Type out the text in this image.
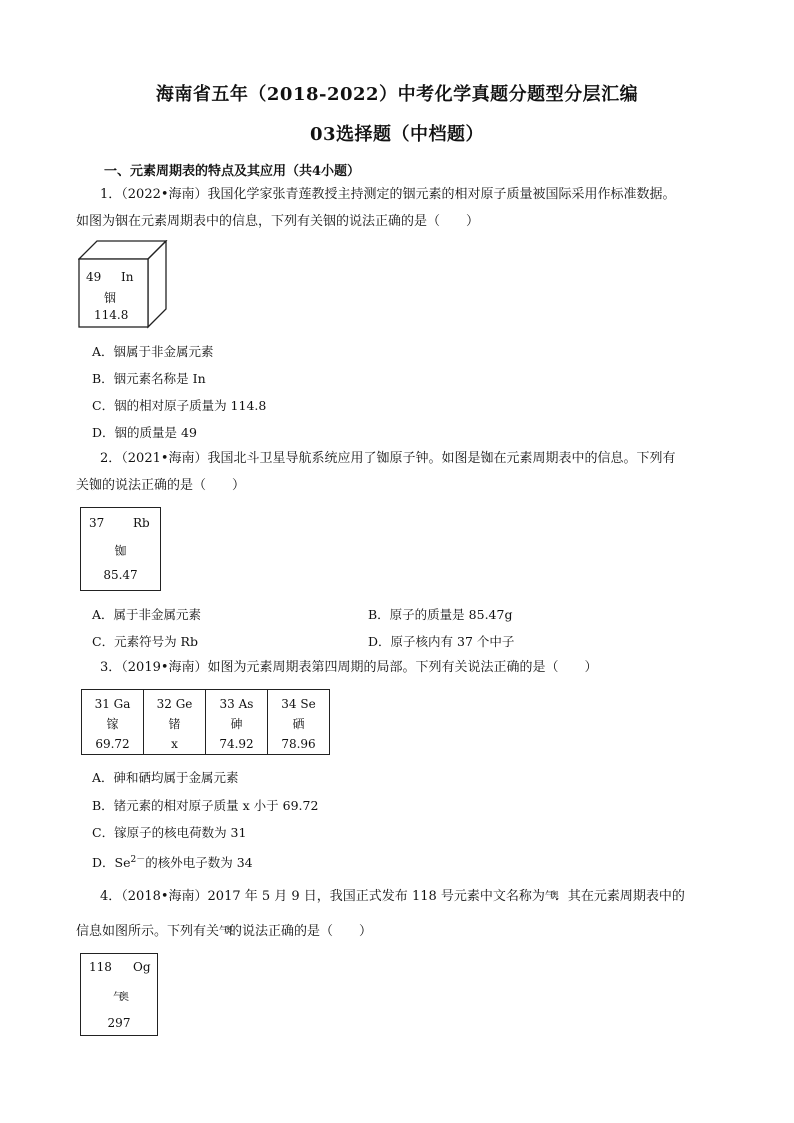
海南省五年（2018-2022）中考化学真题分题型分层汇编
03选择题（中档题）
一、元素周期表的特点及其应用（共4小题）
1．（2022•海南）我国化学家张青莲教授主持测定的铟元素的相对原子质量被国际采用作标准数据。
如图为铟在元素周期表中的信息，下列有关铟的说法正确的是（　　）
49 In
铟
114.8
A．铟属于非金属元素
B．铟元素名称是 In
C．铟的相对原子质量为 114.8
D．铟的质量是 49
2．（2021•海南）我国北斗卫星导航系统应用了铷原子钟。如图是铷在元素周期表中的信息。下列有
关铷的说法正确的是（　　）
37 Rb
铷
85.47
A．属于非金属元素	B．原子的质量是 85.47g
C．元素符号为 Rb	D．原子核内有 37 个中子
3．（2019•海南）如图为元素周期表第四周期的局部。下列有关说法正确的是（　　）
31 Ga
镓
69.72

32 Ge
锗
x

33 As
砷
74.92

34 Se
硒
78.96
A．砷和硒均属于金属元素
B．锗元素的相对原子质量 x 小于 69.72
C．镓原子的核电荷数为 31
D．$Se^{2-}$的核外电子数为 34
4．（2018•海南）2017 年 5 月 9 日，我国正式发布 118 号元素中文名称为气奥．其在元素周期表中的
信息如图所示。下列有关气奥的说法正确的是（　　）
118 Og
气奥
297
